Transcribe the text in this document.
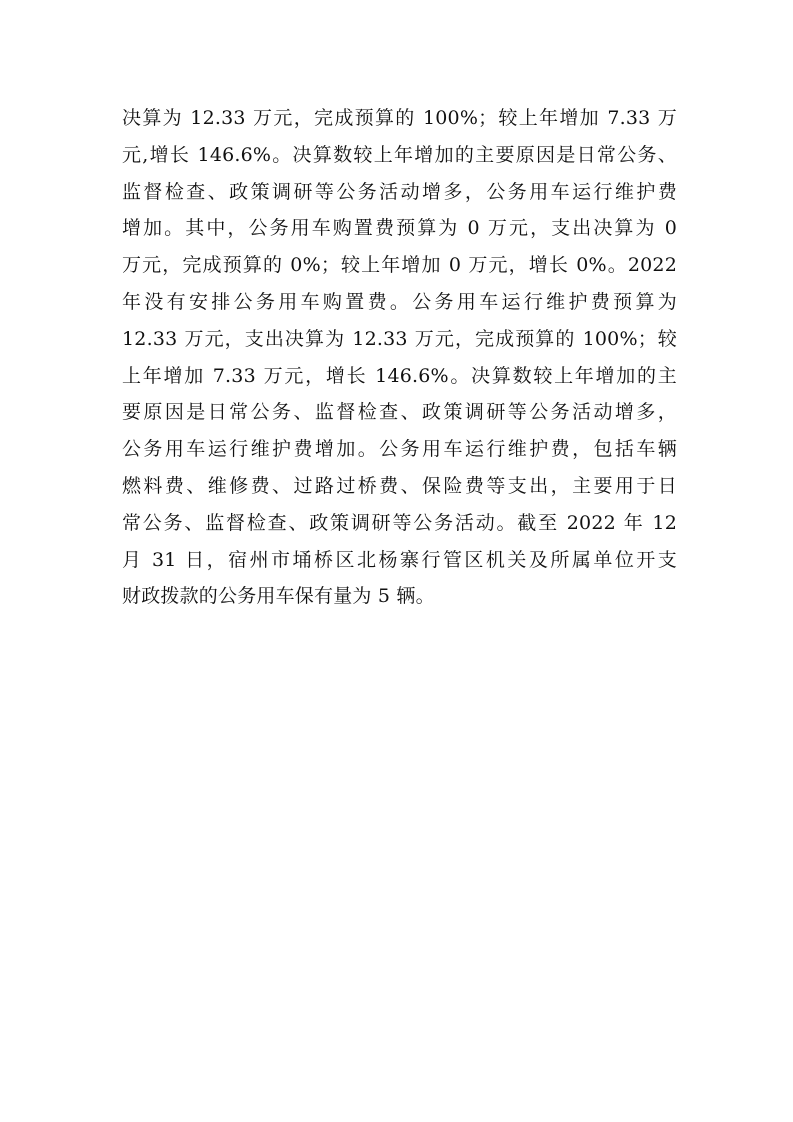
决算为 12.33 万元，完成预算的 100%；较上年增加 7.33 万
元,增长 146.6%。决算数较上年增加的主要原因是日常公务、
监督检查、政策调研等公务活动增多，公务用车运行维护费
增加。其中，公务用车购置费预算为 0 万元，支出决算为 0
万元，完成预算的 0%；较上年增加 0 万元，增长 0%。2022
年没有安排公务用车购置费。公务用车运行维护费预算为
12.33 万元，支出决算为 12.33 万元，完成预算的 100%；较
上年增加 7.33 万元，增长 146.6%。决算数较上年增加的主
要原因是日常公务、监督检查、政策调研等公务活动增多，
公务用车运行维护费增加。公务用车运行维护费，包括车辆
燃料费、维修费、过路过桥费、保险费等支出，主要用于日
常公务、监督检查、政策调研等公务活动。截至 2022 年 12
月 31 日，宿州市埇桥区北杨寨行管区机关及所属单位开支
财政拨款的公务用车保有量为 5 辆。
